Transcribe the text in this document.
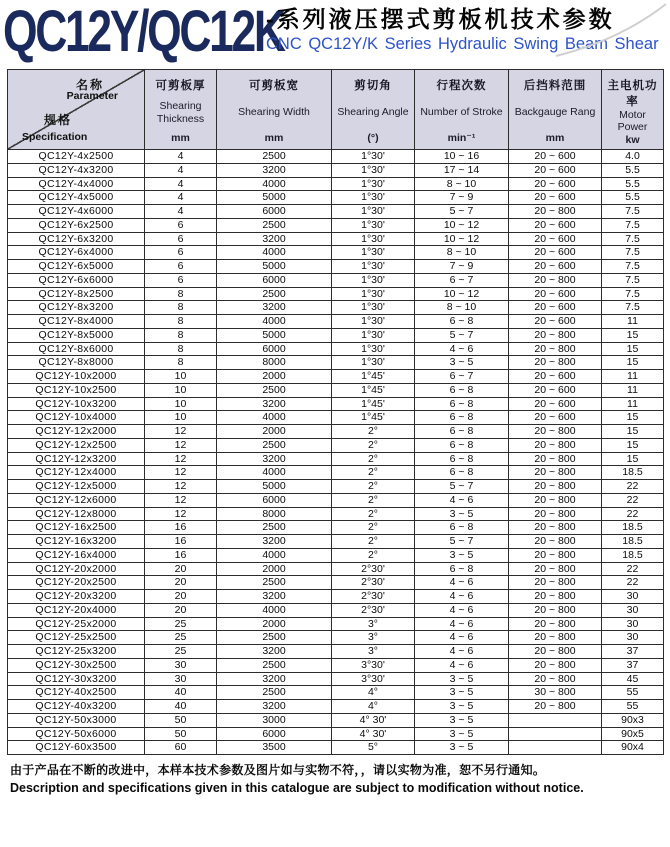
QC12Y/QC12K
-系列液压摆式剪板机技术参数
CNC QC12Y/K Series Hydraulic Swing Beam Shear
名称
Parameter
规格
Specification

可剪板厚
Shearing Thickness
mm

可剪板宽
Shearing Width
mm

剪切角
Shearing Angle
(°)

行程次数
Number of Stroke
min⁻¹

后挡料范围
Backgauge Rang
mm

主电机功率
Motor Power
kw

QC12Y-4x2500	4	2500	1°30'	10 ~ 16	20 ~ 600	4.0
QC12Y-4x3200	4	3200	1°30'	17 ~ 14	20 ~ 600	5.5
QC12Y-4x4000	4	4000	1°30'	8 ~ 10	20 ~ 600	5.5
QC12Y-4x5000	4	5000	1°30'	7 ~ 9	20 ~ 600	5.5
QC12Y-4x6000	4	6000	1°30'	5 ~ 7	20 ~ 800	7.5
QC12Y-6x2500	6	2500	1°30'	10 ~ 12	20 ~ 600	7.5
QC12Y-6x3200	6	3200	1°30'	10 ~ 12	20 ~ 600	7.5
QC12Y-6x4000	6	4000	1°30'	8 ~ 10	20 ~ 600	7.5
QC12Y-6x5000	6	5000	1°30'	7 ~ 9	20 ~ 600	7.5
QC12Y-6x6000	6	6000	1°30'	6 ~ 7	20 ~ 800	7.5
QC12Y-8x2500	8	2500	1°30'	10 ~ 12	20 ~ 600	7.5
QC12Y-8x3200	8	3200	1°30'	8 ~ 10	20 ~ 600	7.5
QC12Y-8x4000	8	4000	1°30'	6 ~ 8	20 ~ 600	11
QC12Y-8x5000	8	5000	1°30'	5 ~ 7	20 ~ 800	15
QC12Y-8x6000	8	6000	1°30'	4 ~ 6	20 ~ 800	15
QC12Y-8x8000	8	8000	1°30'	3 ~ 5	20 ~ 800	15
QC12Y-10x2000	10	2000	1°45'	6 ~ 7	20 ~ 600	11
QC12Y-10x2500	10	2500	1°45'	6 ~ 8	20 ~ 600	11
QC12Y-10x3200	10	3200	1°45'	6 ~ 8	20 ~ 600	11
QC12Y-10x4000	10	4000	1°45'	6 ~ 8	20 ~ 600	15
QC12Y-12x2000	12	2000	2°	6 ~ 8	20 ~ 800	15
QC12Y-12x2500	12	2500	2°	6 ~ 8	20 ~ 800	15
QC12Y-12x3200	12	3200	2°	6 ~ 8	20 ~ 800	15
QC12Y-12x4000	12	4000	2°	6 ~ 8	20 ~ 800	18.5
QC12Y-12x5000	12	5000	2°	5 ~ 7	20 ~ 800	22
QC12Y-12x6000	12	6000	2°	4 ~ 6	20 ~ 800	22
QC12Y-12x8000	12	8000	2°	3 ~ 5	20 ~ 800	22
QC12Y-16x2500	16	2500	2°	6 ~ 8	20 ~ 800	18.5
QC12Y-16x3200	16	3200	2°	5 ~ 7	20 ~ 800	18.5
QC12Y-16x4000	16	4000	2°	3 ~ 5	20 ~ 800	18.5
QC12Y-20x2000	20	2000	2°30'	6 ~ 8	20 ~ 800	22
QC12Y-20x2500	20	2500	2°30'	4 ~ 6	20 ~ 800	22
QC12Y-20x3200	20	3200	2°30'	4 ~ 6	20 ~ 800	30
QC12Y-20x4000	20	4000	2°30'	4 ~ 6	20 ~ 800	30
QC12Y-25x2000	25	2000	3°	4 ~ 6	20 ~ 800	30
QC12Y-25x2500	25	2500	3°	4 ~ 6	20 ~ 800	30
QC12Y-25x3200	25	3200	3°	4 ~ 6	20 ~ 800	37
QC12Y-30x2500	30	2500	3°30'	4 ~ 6	20 ~ 800	37
QC12Y-30x3200	30	3200	3°30'	3 ~ 5	20 ~ 800	45
QC12Y-40x2500	40	2500	4°	3 ~ 5	30 ~ 800	55
QC12Y-40x3200	40	3200	4°	3 ~ 5	20 ~ 800	55
QC12Y-50x3000	50	3000	4° 30'	3 ~ 5		90x3
QC12Y-50x6000	50	6000	4° 30'	3 ~ 5		90x5
QC12Y-60x3500	60	3500	5°	3 ~ 5		90x4
由于产品在不断的改进中，本样本技术参数及图片如与实物不符，，请以实物为准，恕不另行通知。
Description and specifications given in this catalogue are subject to modification without notice.
